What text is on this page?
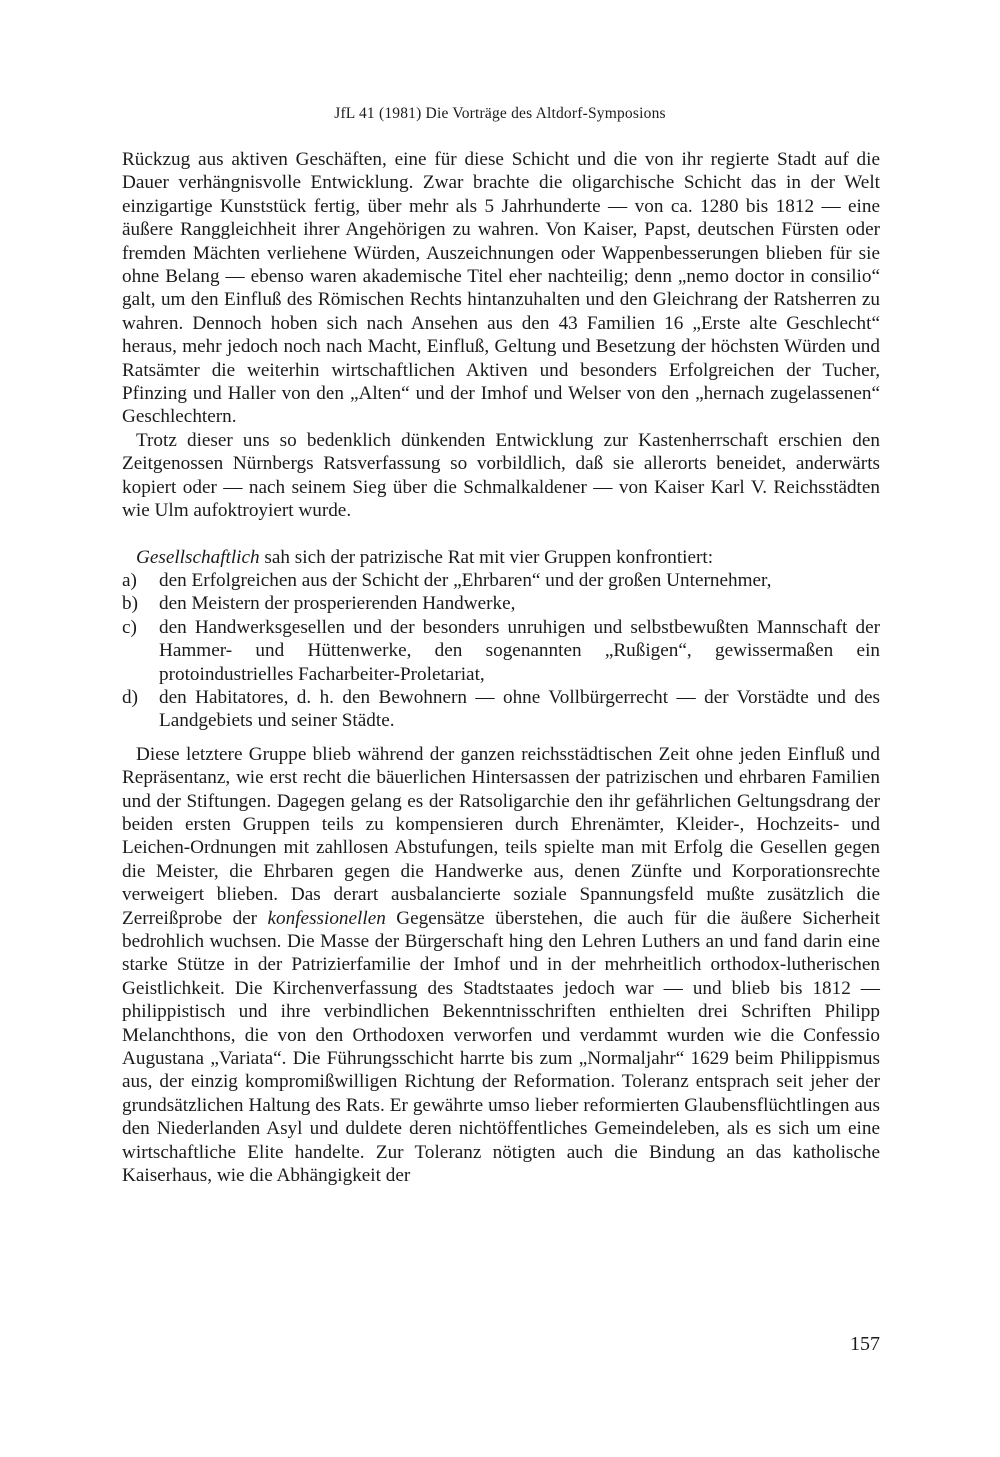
JfL 41 (1981) Die Vorträge des Altdorf-Symposions

Rückzug aus aktiven Geschäften, eine für diese Schicht und die von ihr regierte Stadt auf die Dauer verhängnisvolle Entwicklung. Zwar brachte die oligarchische Schicht das in der Welt einzigartige Kunststück fertig, über mehr als 5 Jahrhunderte — von ca. 1280 bis 1812 — eine äußere Ranggleichheit ihrer Angehörigen zu wahren. Von Kaiser, Papst, deutschen Fürsten oder fremden Mächten verliehene Würden, Auszeichnungen oder Wappenbesserungen blieben für sie ohne Belang — ebenso waren akademische Titel eher nachteilig; denn „nemo doctor in consilio“ galt, um den Einfluß des Römischen Rechts hintanzuhalten und den Gleichrang der Ratsherren zu wahren. Dennoch hoben sich nach Ansehen aus den 43 Familien 16 „Erste alte Geschlecht“ heraus, mehr jedoch noch nach Macht, Einfluß, Geltung und Besetzung der höchsten Würden und Ratsämter die weiterhin wirtschaftlichen Aktiven und besonders Erfolgreichen der Tucher, Pfinzing und Haller von den „Alten“ und der Imhof und Welser von den „hernach zugelassenen“ Geschlechtern.

Trotz dieser uns so bedenklich dünkenden Entwicklung zur Kastenherrschaft erschien den Zeitgenossen Nürnbergs Ratsverfassung so vorbildlich, daß sie allerorts beneidet, anderwärts kopiert oder — nach seinem Sieg über die Schmalkaldener — von Kaiser Karl V. Reichsstädten wie Ulm aufoktroyiert wurde.

Gesellschaftlich sah sich der patrizische Rat mit vier Gruppen konfrontiert:

a) den Erfolgreichen aus der Schicht der „Ehrbaren“ und der großen Unternehmer,
b) den Meistern der prosperierenden Handwerke,
c) den Handwerksgesellen und der besonders unruhigen und selbstbewußten Mannschaft der Hammer- und Hüttenwerke, den sogenannten „Rußigen“, gewissermaßen ein protoindustrielles Facharbeiter-Proletariat,
d) den Habitatores, d. h. den Bewohnern — ohne Vollbürgerrecht — der Vorstädte und des Landgebiets und seiner Städte.

Diese letztere Gruppe blieb während der ganzen reichsstädtischen Zeit ohne jeden Einfluß und Repräsentanz, wie erst recht die bäuerlichen Hintersassen der patrizischen und ehrbaren Familien und der Stiftungen. Dagegen gelang es der Ratsoligarchie den ihr gefährlichen Geltungsdrang der beiden ersten Gruppen teils zu kompensieren durch Ehrenämter, Kleider-, Hochzeits- und Leichen-Ordnungen mit zahllosen Abstufungen, teils spielte man mit Erfolg die Gesellen gegen die Meister, die Ehrbaren gegen die Handwerke aus, denen Zünfte und Korporationsrechte verweigert blieben. Das derart ausbalancierte soziale Spannungsfeld mußte zusätzlich die Zerreißprobe der konfessionellen Gegensätze überstehen, die auch für die äußere Sicherheit bedrohlich wuchsen. Die Masse der Bürgerschaft hing den Lehren Luthers an und fand darin eine starke Stütze in der Patrizierfamilie der Imhof und in der mehrheitlich orthodox-lutherischen Geistlichkeit. Die Kirchenverfassung des Stadtstaates jedoch war — und blieb bis 1812 — philippistisch und ihre verbindlichen Bekenntnisschriften enthielten drei Schriften Philipp Melanchthons, die von den Orthodoxen verworfen und verdammt wurden wie die Confessio Augustana „Variata“. Die Führungsschicht harrte bis zum „Normaljahr“ 1629 beim Philippismus aus, der einzig kompromißwilligen Richtung der Reformation. Toleranz entsprach seit jeher der grundsätzlichen Haltung des Rats. Er gewährte umso lieber reformierten Glaubensflüchtlingen aus den Niederlanden Asyl und duldete deren nichtöffentliches Gemeindeleben, als es sich um eine wirtschaftliche Elite handelte. Zur Toleranz nötigten auch die Bindung an das katholische Kaiserhaus, wie die Abhängigkeit der

157
